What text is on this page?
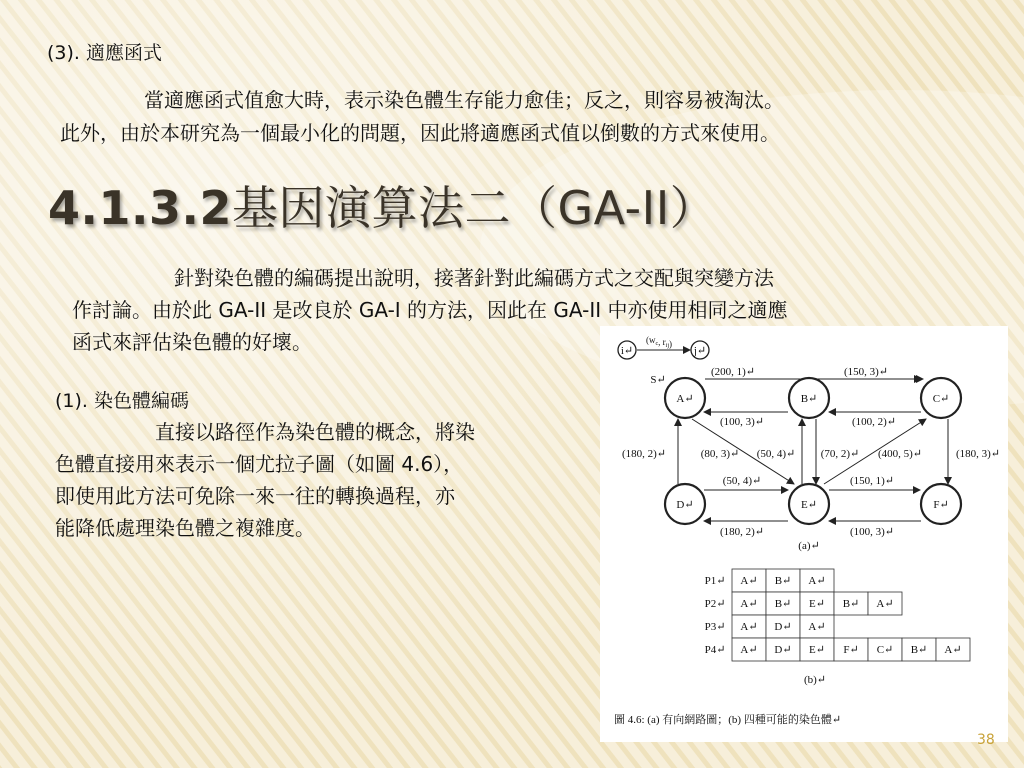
(3). 適應函式
當適應函式值愈大時，表示染色體生存能力愈佳；反之，則容易被淘汰。
此外，由於本研究為一個最小化的問題，因此將適應函式值以倒數的方式來使用。
4.1.3.2基因演算法二（GA-II）
針對染色體的編碼提出說明，接著針對此編碼方式之交配與突變方法
作討論。由於此 GA-II 是改良於 GA-I 的方法，因此在 GA-II 中亦使用相同之適應
函式來評估染色體的好壞。
(1). 染色體編碼
直接以路徑作為染色體的概念，將染
色體直接用來表示一個尤拉子圖（如圖 4.6），
即使用此方法可免除一來一往的轉換過程，亦
能降低處理染色體之複雜度。
($w_c$, $r_{ij}$)
(200, 1)↵
(100, 3)↵
(150, 3)↵
(100, 2)↵
(50, 4)↵
(180, 2)↵
(150, 1)↵
(100, 3)↵
(180, 2)↵	(80, 3)↵ (50, 4)↵ (70, 2)↵ (400, 5)↵	(180, 3)↵
i↵	j↵
S↵
A↵	B↵	C↵
D↵	E↵	F↵
(a)↵
P1↵ A↵ B↵ A↵
P2↵ A↵ B↵ E↵ B↵ A↵
P3↵ A↵ D↵ A↵
P4↵ A↵ D↵ E↵ F↵ C↵ B↵ A↵
(b)↵
圖 4.6: (a) 有向網路圖；(b) 四種可能的染色體↵
38
